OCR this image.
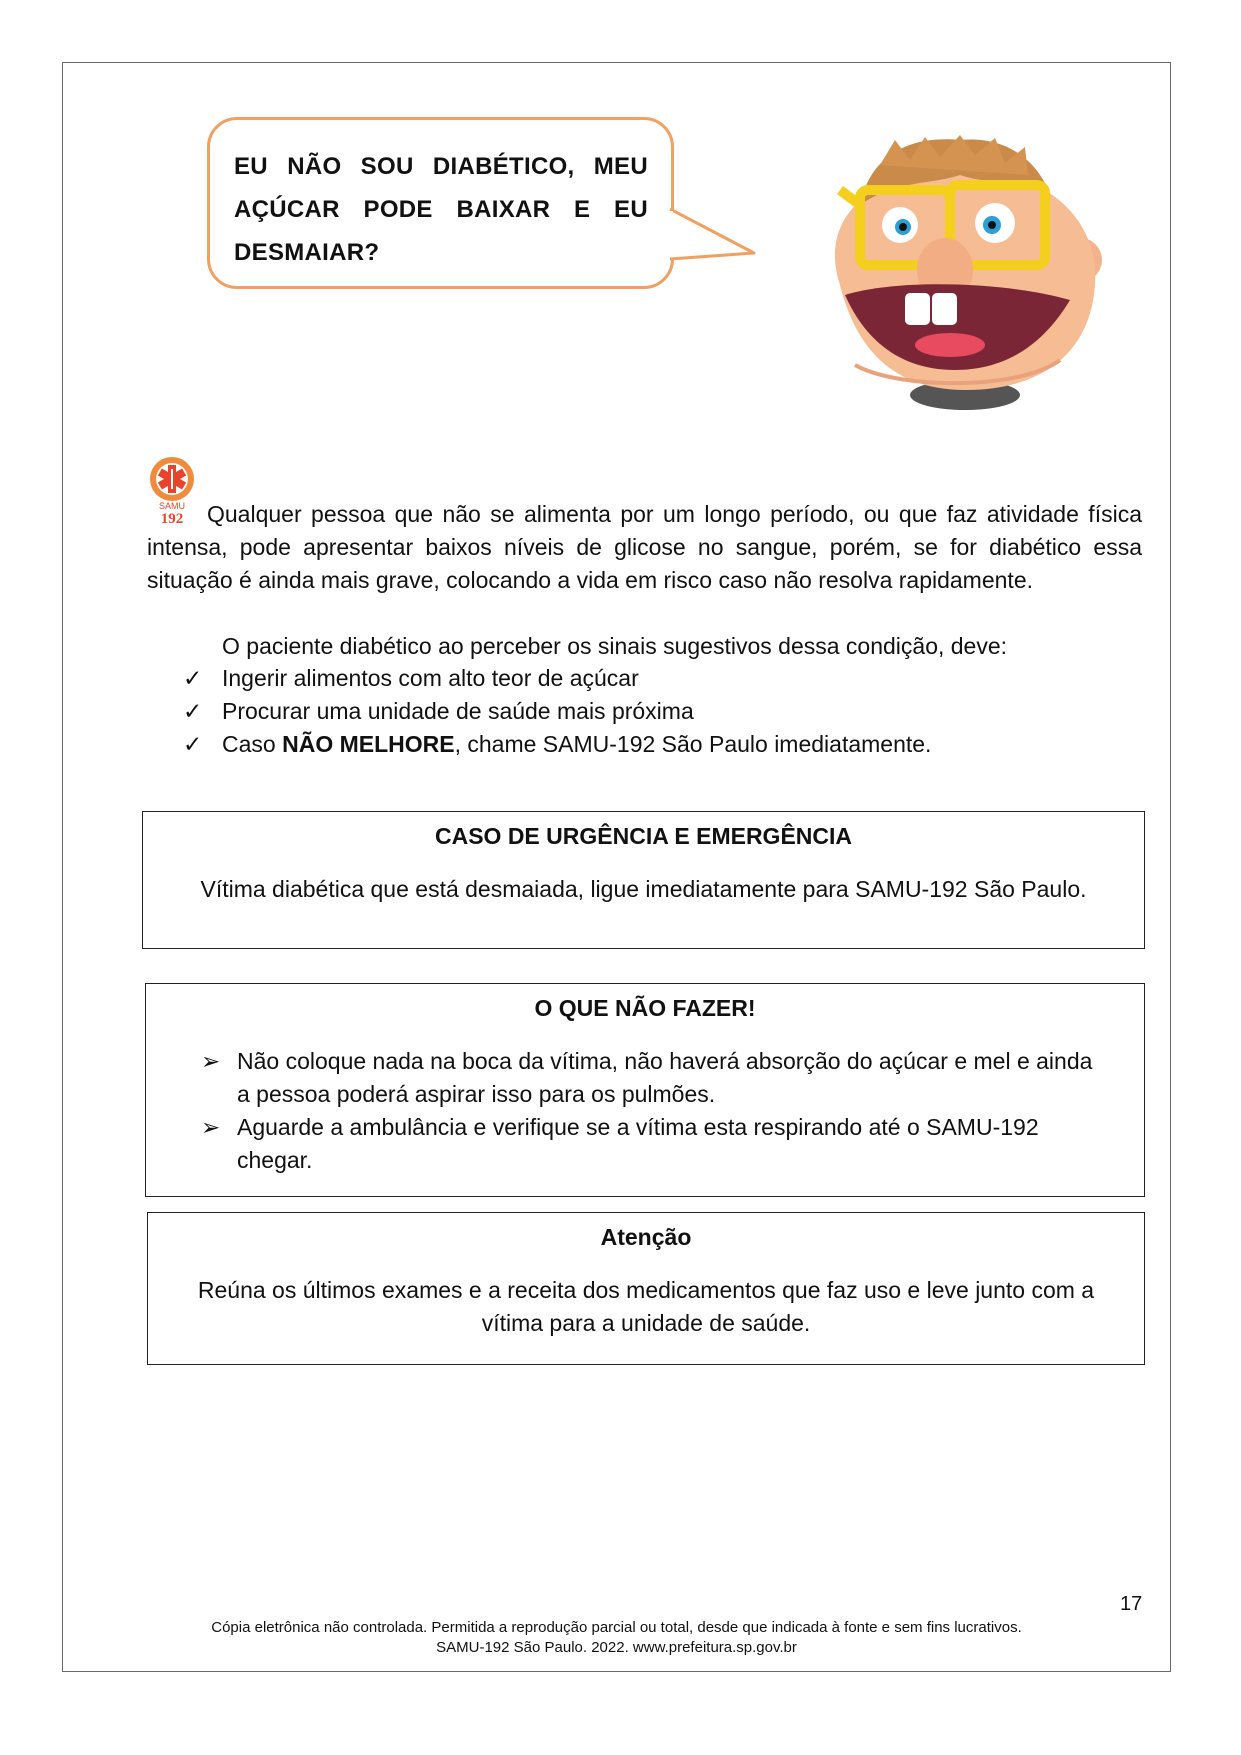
EU NÃO SOU DIABÉTICO, MEU
AÇÚCAR PODE BAIXAR E EU
DESMAIAR?
SAMU
192	Qualquer pessoa que não se alimenta por um longo período, ou que faz atividade física intensa, pode apresentar baixos níveis de glicose no sangue, porém, se for diabético essa situação é ainda mais grave, colocando a vida em risco caso não resolva rapidamente.
O paciente diabético ao perceber os sinais sugestivos dessa condição, deve:
✓ Ingerir alimentos com alto teor de açúcar
✓ Procurar uma unidade de saúde mais próxima
✓ Caso NÃO MELHORE, chame SAMU-192 São Paulo imediatamente.
CASO DE URGÊNCIA E EMERGÊNCIA
Vítima diabética que está desmaiada, ligue imediatamente para SAMU-192 São Paulo.
O QUE NÃO FAZER!
➢ Não coloque nada na boca da vítima, não haverá absorção do açúcar e mel e ainda a pessoa poderá aspirar isso para os pulmões.
➢ Aguarde a ambulância e verifique se a vítima esta respirando até o SAMU-192 chegar.
Atenção
Reúna os últimos exames e a receita dos medicamentos que faz uso e leve junto com a vítima para a unidade de saúde.
17
Cópia eletrônica não controlada. Permitida a reprodução parcial ou total, desde que indicada à fonte e sem fins lucrativos.
SAMU-192 São Paulo. 2022. www.prefeitura.sp.gov.br
